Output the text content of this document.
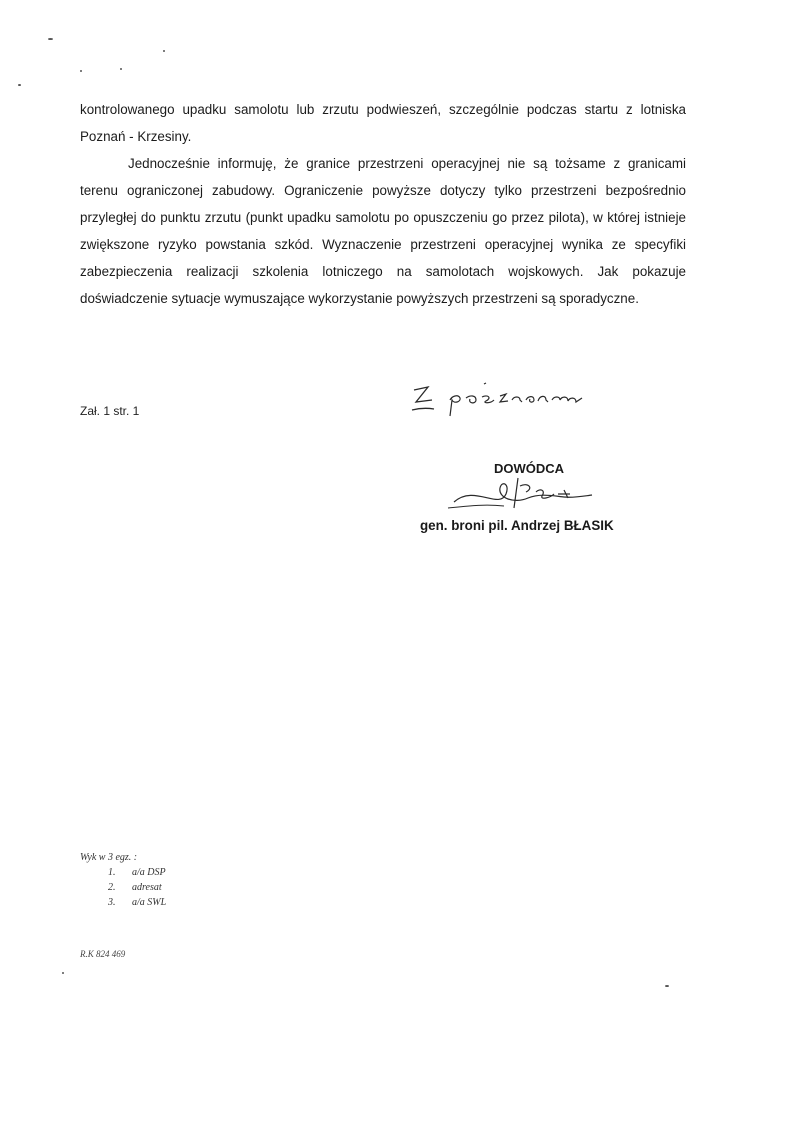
kontrolowanego upadku samolotu lub zrzutu podwieszeń, szczególnie podczas startu z lotniska Poznań - Krzesiny.

Jednocześnie informuję, że granice przestrzeni operacyjnej nie są tożsame z granicami terenu ograniczonej zabudowy. Ograniczenie powyższe dotyczy tylko przestrzeni bezpośrednio przyległej do punktu zrzutu (punkt upadku samolotu po opuszczeniu go przez pilota), w której istnieje zwiększone ryzyko powstania szkód. Wyznaczenie przestrzeni operacyjnej wynika ze specyfiki zabezpieczenia realizacji szkolenia lotniczego na samolotach wojskowych. Jak pokazuje doświadczenie sytuacje wymuszające wykorzystanie powyższych przestrzeni są sporadyczne.

Zał. 1 str. 1
DOWÓDCA
gen. broni pil. Andrzej BŁASIK
Wyk w 3 egz. :
1. a/a DSP
2. adresat
3. a/a SWL
R.K 824 469
